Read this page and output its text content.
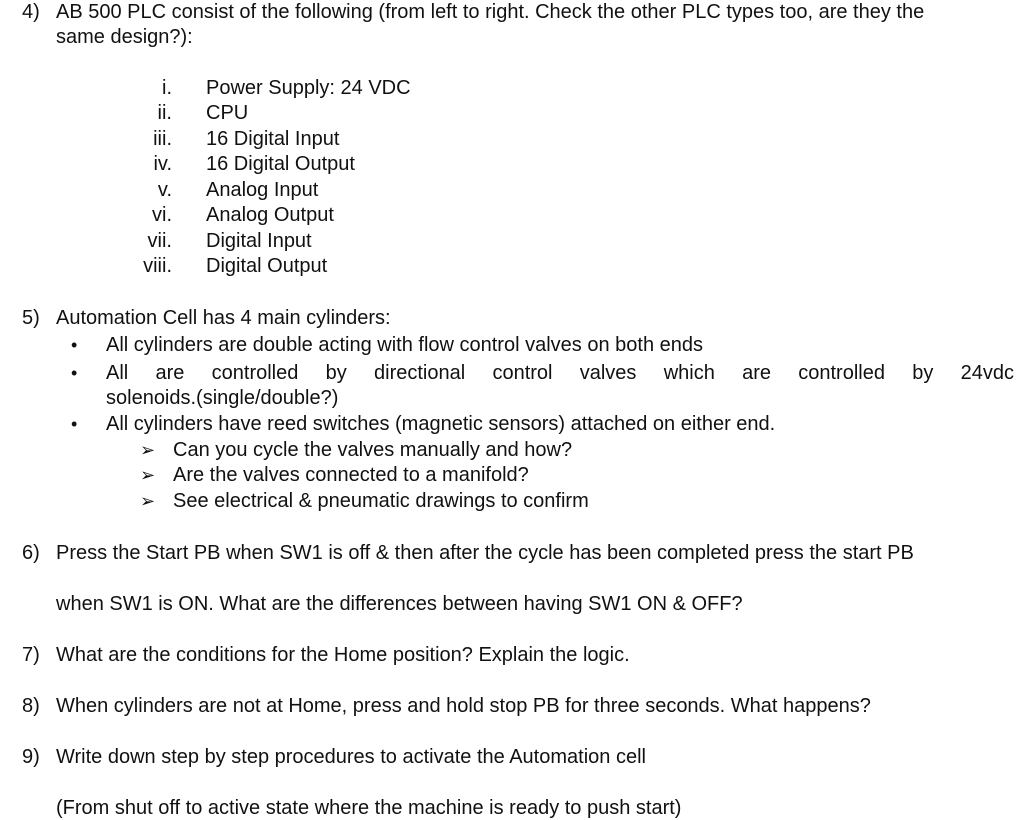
4) AB 500 PLC consist of the following (from left to right. Check the other PLC types too, are they the
same design?):
i. Power Supply: 24 VDC
ii. CPU
iii. 16 Digital Input
iv. 16 Digital Output
v. Analog Input
vi. Analog Output
vii. Digital Input
viii. Digital Output
5) Automation Cell has 4 main cylinders:
• All cylinders are double acting with flow control valves on both ends
• All are controlled by directional control valves which are controlled by 24vdc
solenoids.(single/double?)
• All cylinders have reed switches (magnetic sensors) attached on either end.
➢ Can you cycle the valves manually and how?
➢ Are the valves connected to a manifold?
➢ See electrical & pneumatic drawings to confirm
6) Press the Start PB when SW1 is off & then after the cycle has been completed press the start PB
when SW1 is ON. What are the differences between having SW1 ON & OFF?
7) What are the conditions for the Home position? Explain the logic.
8) When cylinders are not at Home, press and hold stop PB for three seconds. What happens?
9) Write down step by step procedures to activate the Automation cell
(From shut off to active state where the machine is ready to push start)
